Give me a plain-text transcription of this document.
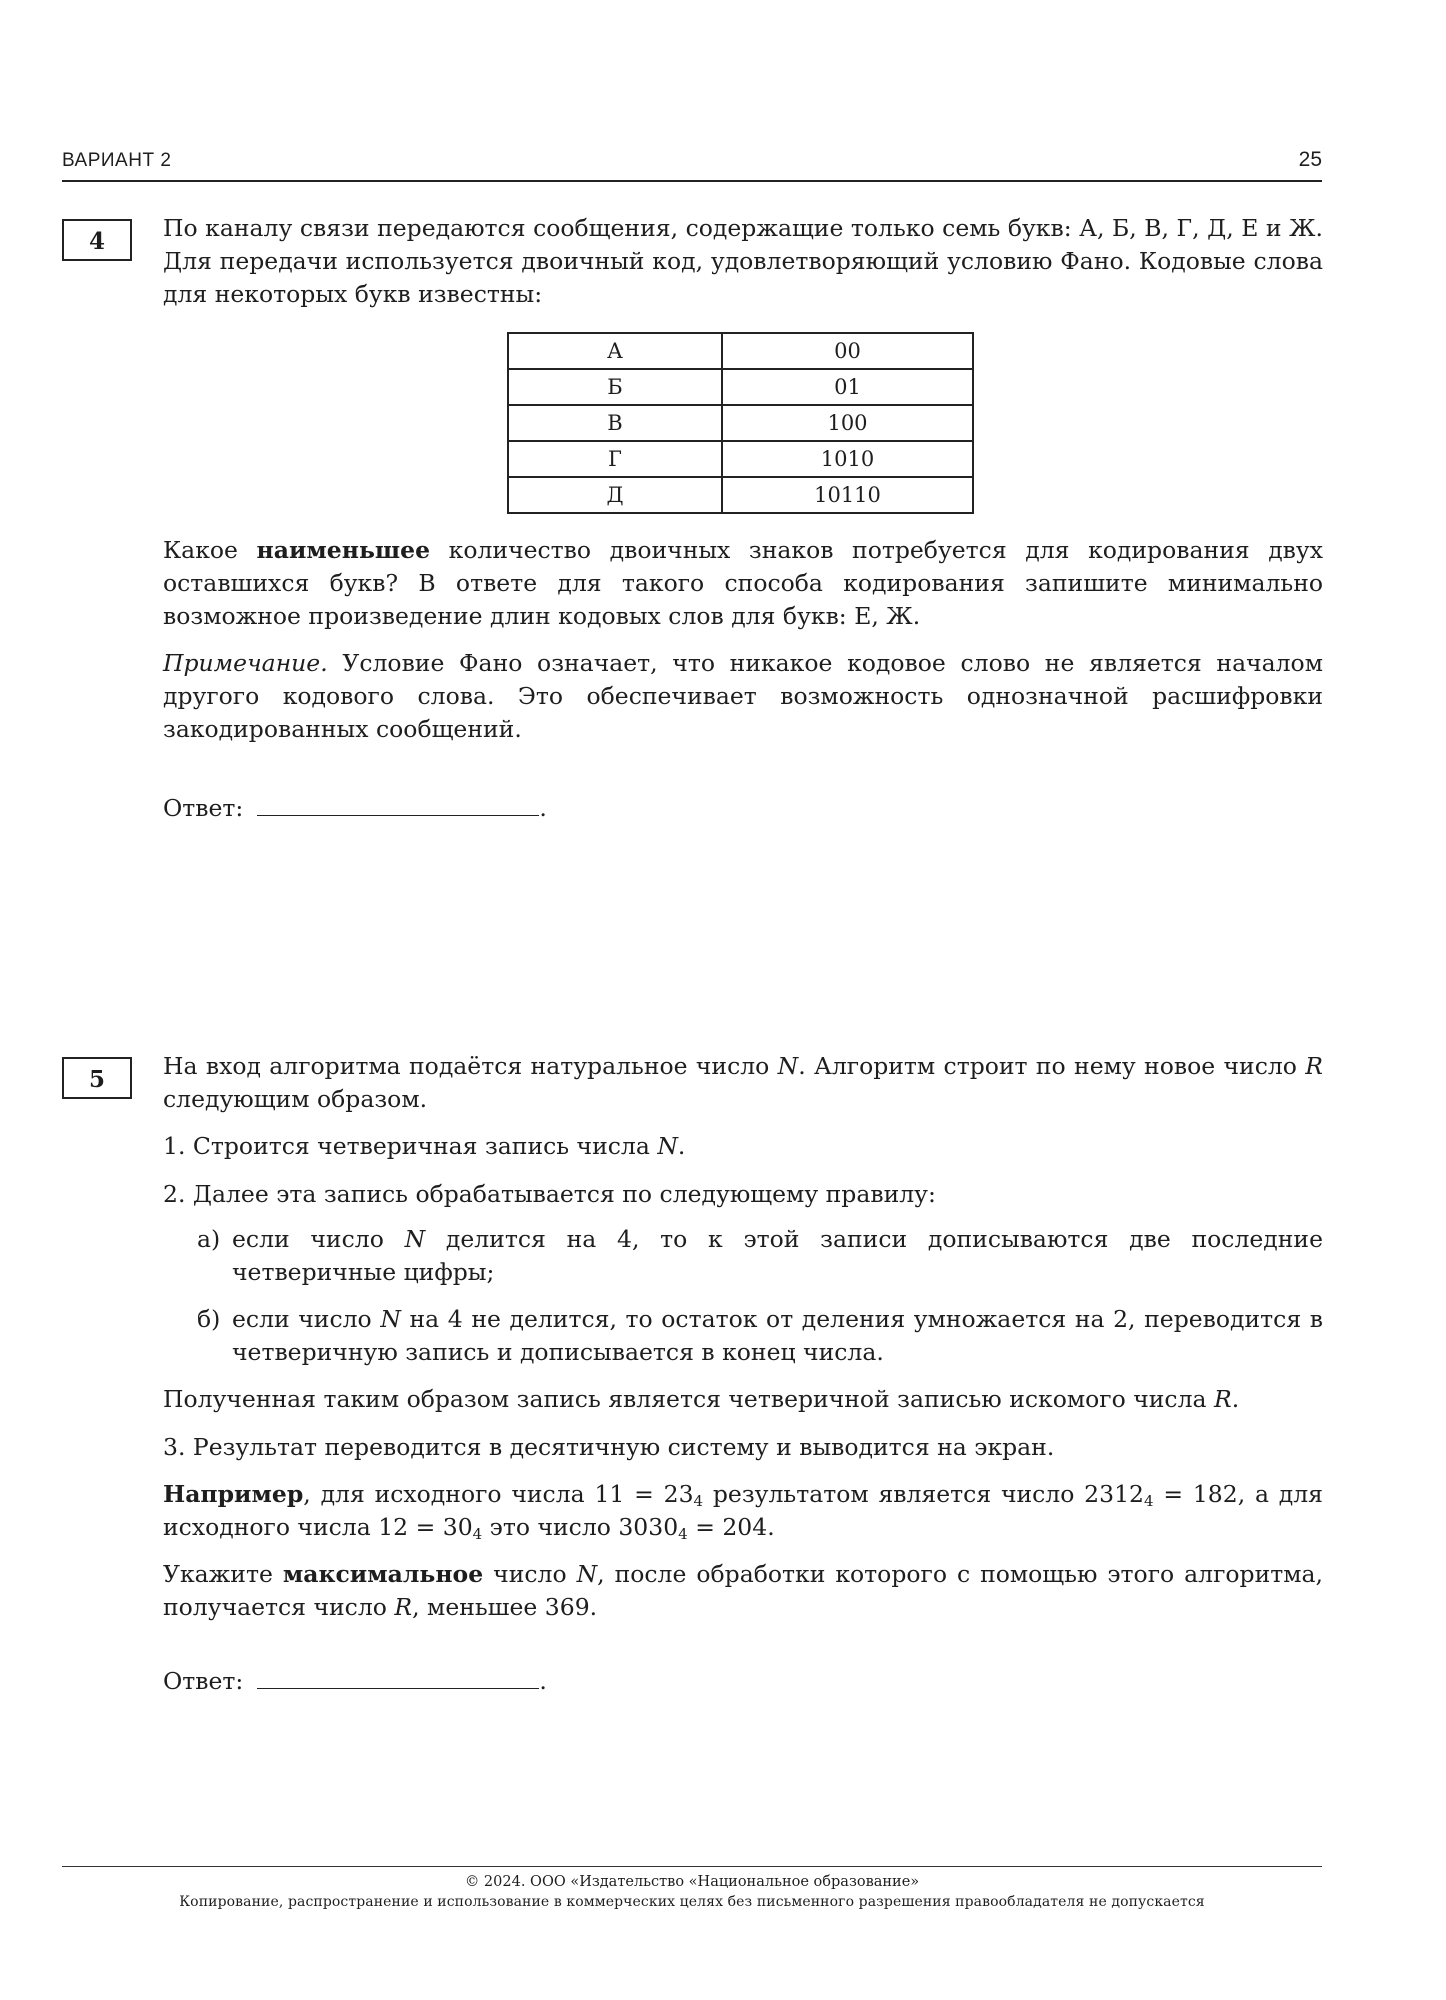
ВАРИАНТ 2	25
4	По каналу связи передаются сообщения, содержащие только семь букв: А, Б, В, Г, Д, Е и Ж. Для передачи используется двоичный код, удовлетворяющий условию Фано. Кодовые слова для некоторых букв известны:
А	00
Б	01
В	100
Г	1010
Д	10110
Какое наименьшее количество двоичных знаков потребуется для кодирования двух оставшихся букв? В ответе для такого способа кодирования запишите минимально возможное произведение длин кодовых слов для букв: Е, Ж.
Примечание. Условие Фано означает, что никакое кодовое слово не является началом другого кодового слова. Это обеспечивает возможность однозначной расшифровки закодированных сообщений.
Ответ:	.
5	На вход алгоритма подаётся натуральное число N. Алгоритм строит по нему новое число R следующим образом.
1. Строится четверичная запись числа N.
2. Далее эта запись обрабатывается по следующему правилу:
а) если число N делится на 4, то к этой записи дописываются две последние четверичные цифры;
б) если число N на 4 не делится, то остаток от деления умножается на 2, переводится в четверичную запись и дописывается в конец числа.
Полученная таким образом запись является четверичной записью искомого числа R.
3. Результат переводится в десятичную систему и выводится на экран.
Например, для исходного числа $11 = 23_4$ результатом является число $2312_4 = 182$, а для исходного числа $12 = 30_4$ это число $3030_4 = 204$.
Укажите максимальное число N, после обработки которого с помощью этого алгоритма, получается число R, меньшее 369.
Ответ:	.
© 2024. ООО «Издательство «Национальное образование»
Копирование, распространение и использование в коммерческих целях без письменного разрешения правообладателя не допускается
